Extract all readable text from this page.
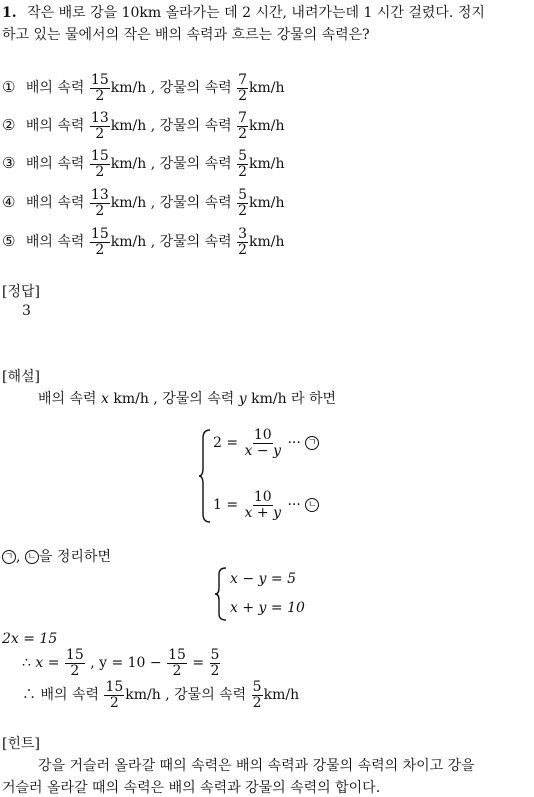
1. 작은 배로 강을 10km 올라가는 데 2 시간, 내려가는데 1 시간 걸렸다. 정지
하고 있는 물에서의 작은 배의 속력과 흐르는 강물의 속력은?
① 배의 속력 $\frac{15}{2} km/h$ , 강물의 속력 $\frac{7}{2} km/h$
② 배의 속력 $\frac{13}{2} km/h$ , 강물의 속력 $\frac{7}{2} km/h$
③ 배의 속력 $\frac{15}{2} km/h$ , 강물의 속력 $\frac{5}{2} km/h$
④ 배의 속력 $\frac{13}{2} km/h$ , 강물의 속력 $\frac{5}{2} km/h$
⑤ 배의 속력 $\frac{15}{2} km/h$ , 강물의 속력 $\frac{3}{2} km/h$
[정답]
3
[해설]
배의 속력 x km/h , 강물의 속력 y km/h 라 하면
$2 = \frac{10}{x - y}$ ··· ㄱ
$1 = \frac{10}{x + y}$ ··· ㄴ
ㄱ , ㄴ 을 정리하면
x − y = 5
x + y = 10
2x = 15
∴ $x = \frac{15}{2}$ , $y = 10 - \frac{15}{2} = \frac{5}{2}$
∴ 배의 속력 $\frac{15}{2} km/h$ , 강물의 속력 $\frac{5}{2} km/h$
[힌트]
강을 거슬러 올라갈 때의 속력은 배의 속력과 강물의 속력의 차이고 강을
거슬러 올라갈 때의 속력은 배의 속력과 강물의 속력의 합이다.
